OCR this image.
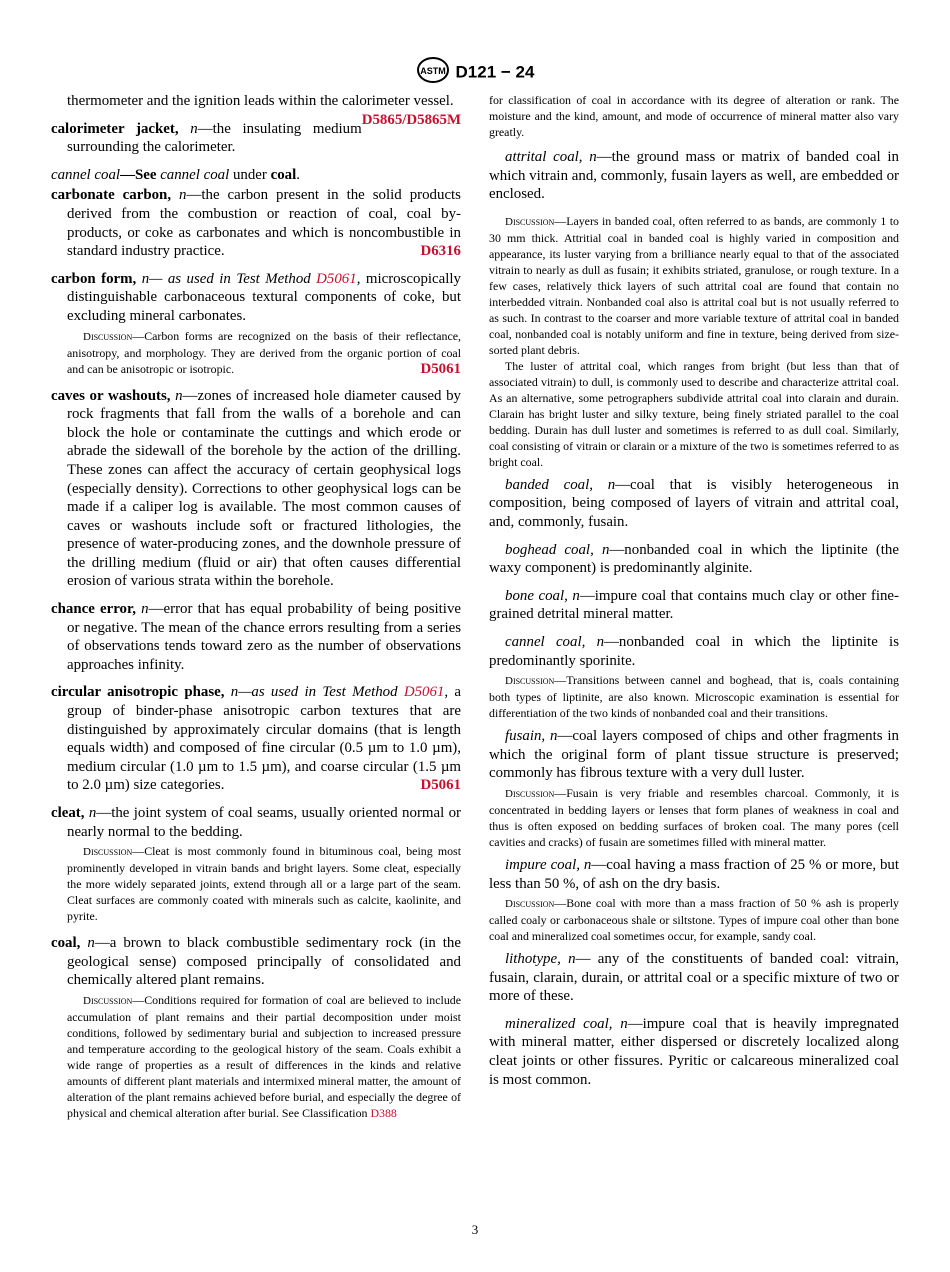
ASTM D121 − 24

thermometer and the ignition leads within the calorimeter vessel.
D5865/D5865M

calorimeter jacket, n—the insulating medium surrounding the calorimeter.

cannel coal—See cannel coal under coal.

carbonate carbon, n—the carbon present in the solid products derived from the combustion or reaction of coal, coal by-products, or coke as carbonates and which is noncombustible in standard industry practice.	D6316

carbon form, n— as used in Test Method D5061, microscopically distinguishable carbonaceous textural components of coke, but excluding mineral carbonates.

Discussion—Carbon forms are recognized on the basis of their reflectance, anisotropy, and morphology. They are derived from the organic portion of coal and can be anisotropic or isotropic.	D5061

caves or washouts, n—zones of increased hole diameter caused by rock fragments that fall from the walls of a borehole and can block the hole or contaminate the cuttings and which erode or abrade the sidewall of the borehole by the action of the drilling. These zones can affect the accuracy of certain geophysical logs (especially density). Corrections to other geophysical logs can be made if a caliper log is available. The most common causes of caves or washouts include soft or fractured lithologies, the presence of water-producing zones, and the downhole pressure of the drilling medium (fluid or air) that often causes differential erosion of various strata within the borehole.

chance error, n—error that has equal probability of being positive or negative. The mean of the chance errors resulting from a series of observations tends toward zero as the number of observations approaches infinity.

circular anisotropic phase, n—as used in Test Method D5061, a group of binder-phase anisotropic carbon textures that are distinguished by approximately circular domains (that is length equals width) and composed of fine circular (0.5 µm to 1.0 µm), medium circular (1.0 µm to 1.5 µm), and coarse circular (1.5 µm to 2.0 µm) size categories.	D5061

cleat, n—the joint system of coal seams, usually oriented normal or nearly normal to the bedding.

Discussion—Cleat is most commonly found in bituminous coal, being most prominently developed in vitrain bands and bright layers. Some cleat, especially the more widely separated joints, extend through all or a large part of the seam. Cleat surfaces are commonly coated with minerals such as calcite, kaolinite, and pyrite.

coal, n—a brown to black combustible sedimentary rock (in the geological sense) composed principally of consolidated and chemically altered plant remains.

Discussion—Conditions required for formation of coal are believed to include accumulation of plant remains and their partial decomposition under moist conditions, followed by sedimentary burial and subjection to increased pressure and temperature according to the geological history of the seam. Coals exhibit a wide range of properties as a result of differences in the kinds and relative amounts of different plant materials and intermixed mineral matter, the amount of alteration of the plant remains achieved before burial, and especially the degree of physical and chemical alteration after burial. See Classification D388

for classification of coal in accordance with its degree of alteration or rank. The moisture and the kind, amount, and mode of occurrence of mineral matter also vary greatly.

attrital coal, n—the ground mass or matrix of banded coal in which vitrain and, commonly, fusain layers as well, are embedded or enclosed.

Discussion—Layers in banded coal, often referred to as bands, are commonly 1 to 30 mm thick. Attritial coal in banded coal is highly varied in composition and appearance, its luster varying from a brilliance nearly equal to that of the associated vitrain to nearly as dull as fusain; it exhibits striated, granulose, or rough texture. In a few cases, relatively thick layers of such attrital coal are found that contain no interbedded vitrain. Nonbanded coal also is attrital coal but is not usually referred to as such. In contrast to the coarser and more variable texture of attrital coal in banded coal, nonbanded coal is notably uniform and fine in texture, being derived from size-sorted plant debris.

The luster of attrital coal, which ranges from bright (but less than that of associated vitrain) to dull, is commonly used to describe and characterize attrital coal. As an alternative, some petrographers subdivide attrital coal into clarain and durain. Clarain has bright luster and silky texture, being finely striated parallel to the coal bedding. Durain has dull luster and sometimes is referred to as dull coal. Similarly, coal consisting of vitrain or clarain or a mixture of the two is sometimes referred to as bright coal.

banded coal, n—coal that is visibly heterogeneous in composition, being composed of layers of vitrain and attrital coal, and, commonly, fusain.

boghead coal, n—nonbanded coal in which the liptinite (the waxy component) is predominantly alginite.

bone coal, n—impure coal that contains much clay or other fine-grained detrital mineral matter.

cannel coal, n—nonbanded coal in which the liptinite is predominantly sporinite.

Discussion—Transitions between cannel and boghead, that is, coals containing both types of liptinite, are also known. Microscopic examination is essential for differentiation of the two kinds of nonbanded coal and their transitions.

fusain, n—coal layers composed of chips and other fragments in which the original form of plant tissue structure is preserved; commonly has fibrous texture with a very dull luster.

Discussion—Fusain is very friable and resembles charcoal. Commonly, it is concentrated in bedding layers or lenses that form planes of weakness in coal and thus is often exposed on bedding surfaces of broken coal. The many pores (cell cavities and cracks) of fusain are sometimes filled with mineral matter.

impure coal, n—coal having a mass fraction of 25 % or more, but less than 50 %, of ash on the dry basis.

Discussion—Bone coal with more than a mass fraction of 50 % ash is properly called coaly or carbonaceous shale or siltstone. Types of impure coal other than bone coal and mineralized coal sometimes occur, for example, sandy coal.

lithotype, n— any of the constituents of banded coal: vitrain, fusain, clarain, durain, or attrital coal or a specific mixture of two or more of these.

mineralized coal, n—impure coal that is heavily impregnated with mineral matter, either dispersed or discretely localized along cleat joints or other fissures. Pyritic or calcareous mineralized coal is most common.

3
